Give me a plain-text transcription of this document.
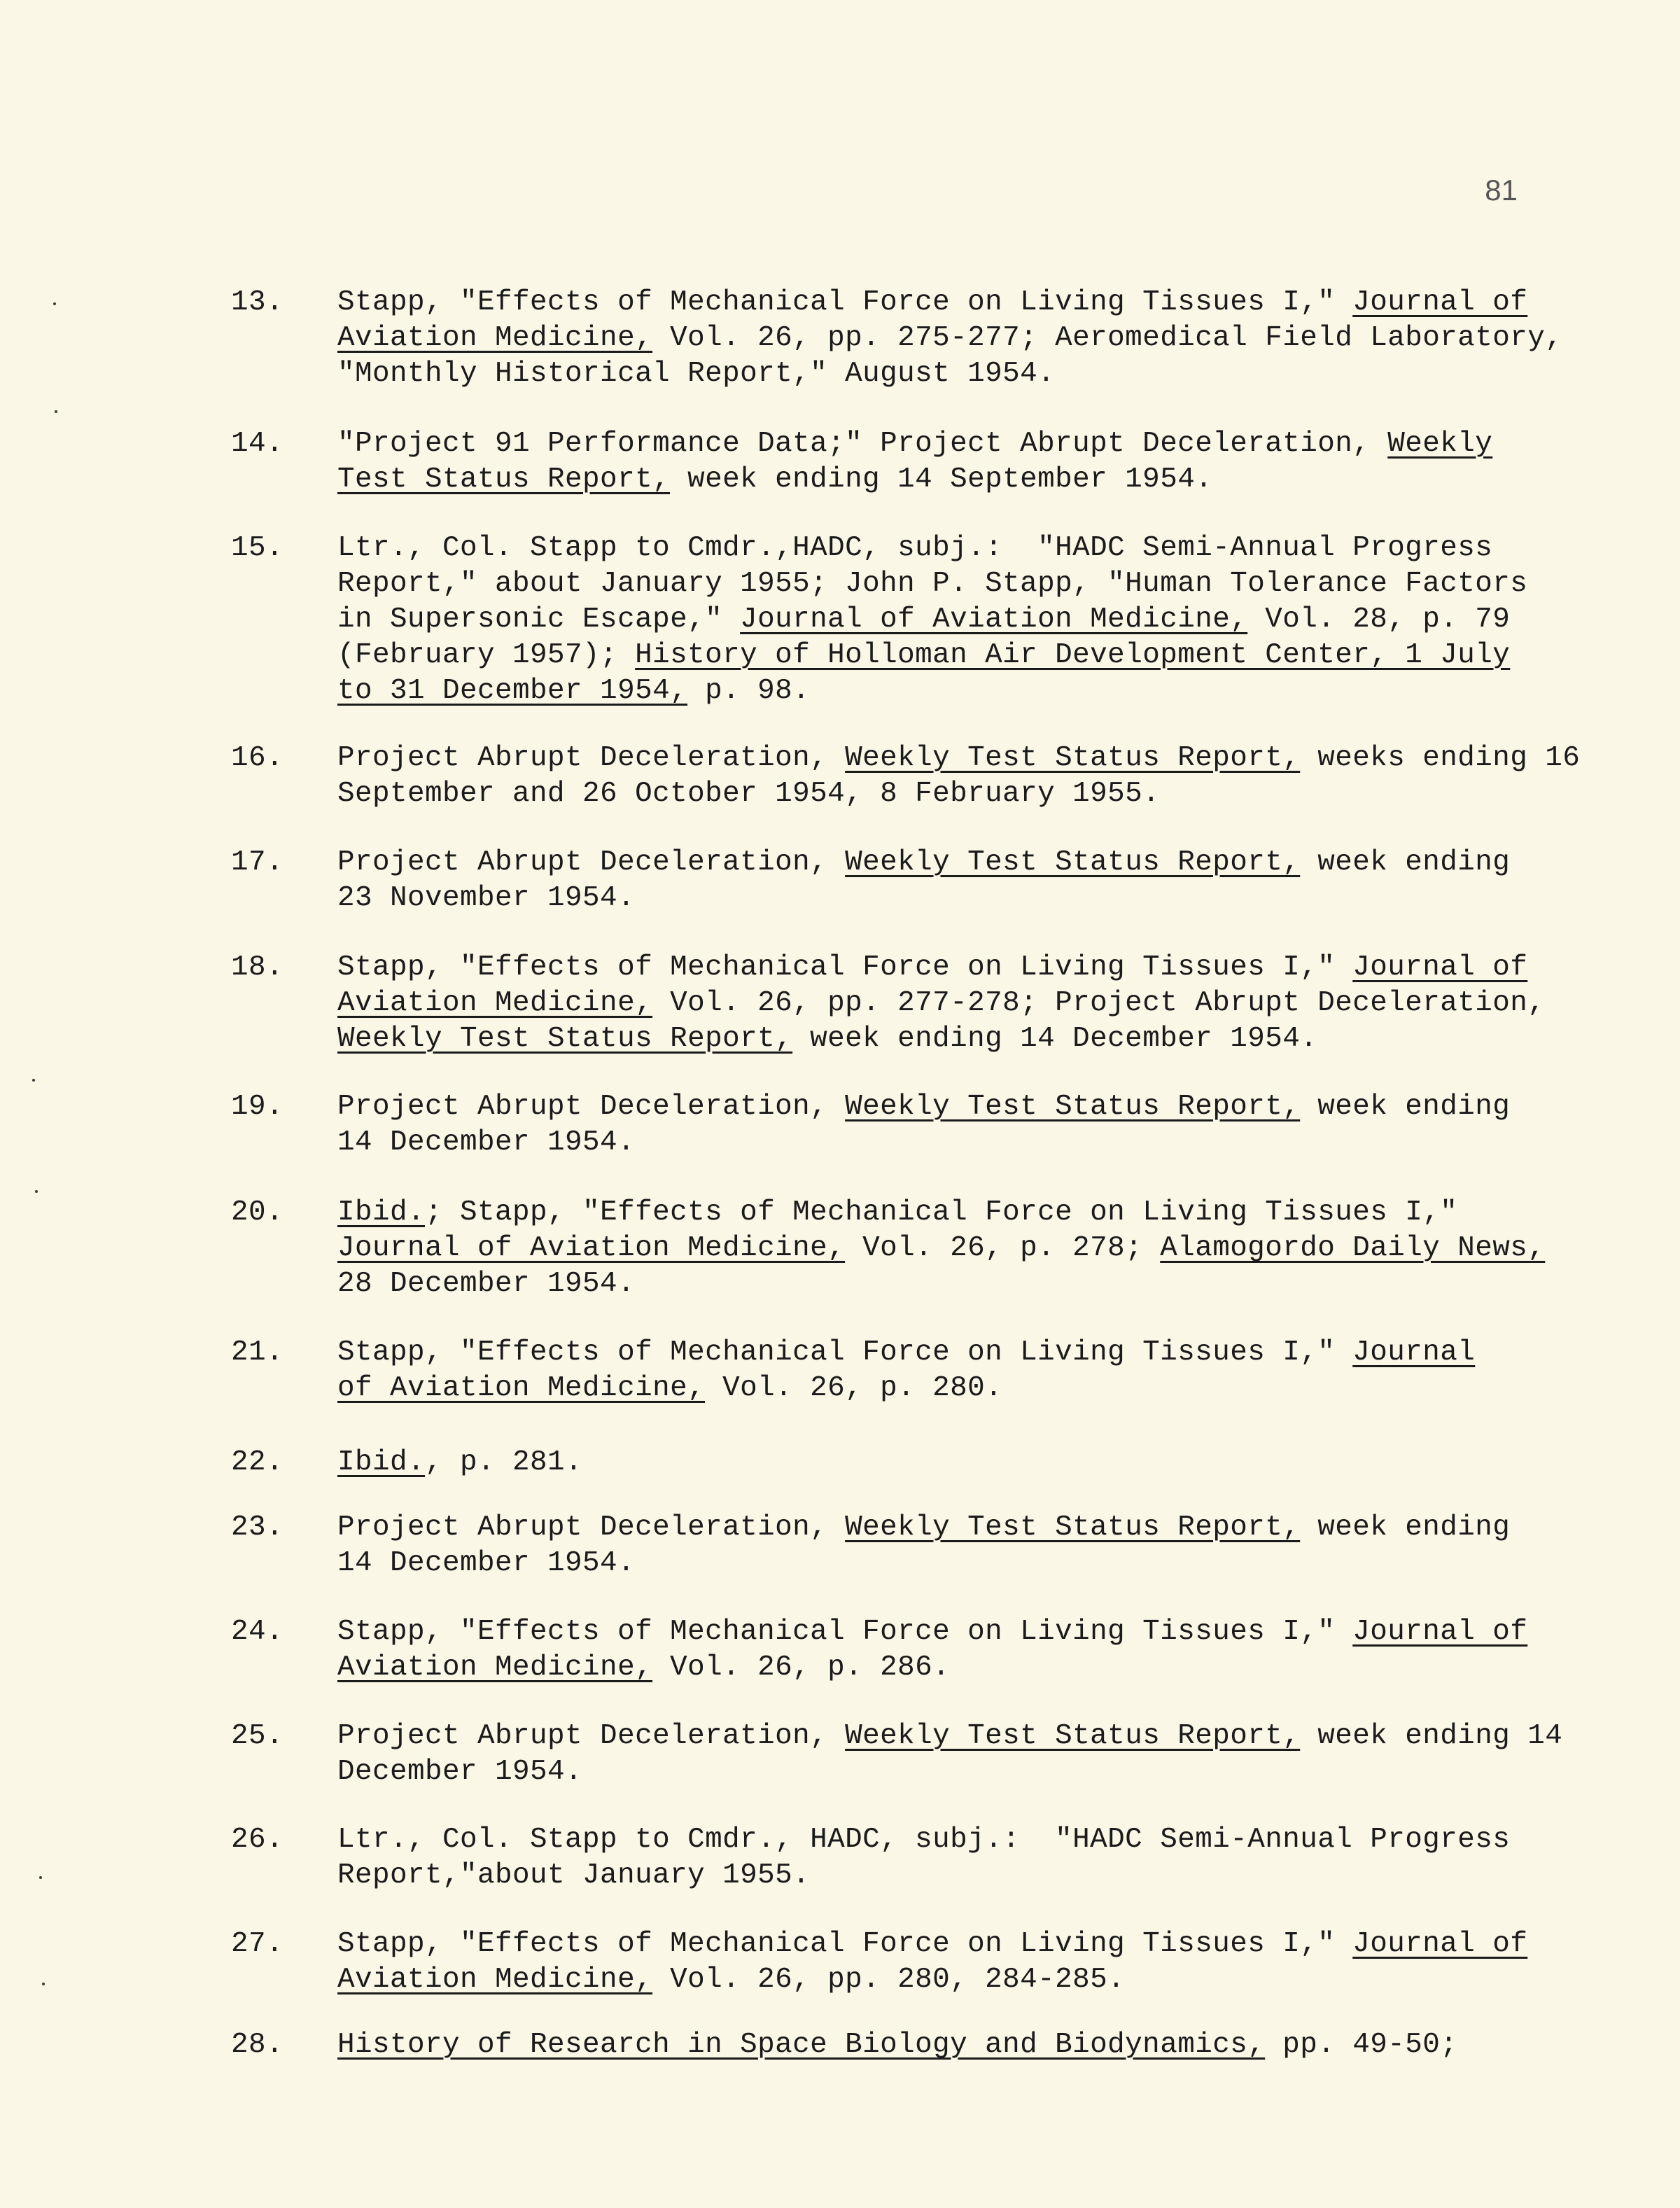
81
13.	Stapp, "Effects of Mechanical Force on Living Tissues I," Journal of
Aviation Medicine, Vol. 26, pp. 275-277; Aeromedical Field Laboratory,
"Monthly Historical Report," August 1954.
14.	"Project 91 Performance Data;" Project Abrupt Deceleration, Weekly
Test Status Report, week ending 14 September 1954.
15.	Ltr., Col. Stapp to Cmdr.,HADC, subj.:  "HADC Semi-Annual Progress
Report," about January 1955; John P. Stapp, "Human Tolerance Factors
in Supersonic Escape," Journal of Aviation Medicine, Vol. 28, p. 79
(February 1957); History of Holloman Air Development Center, 1 July
to 31 December 1954, p. 98.
16.	Project Abrupt Deceleration, Weekly Test Status Report, weeks ending 16
September and 26 October 1954, 8 February 1955.
17.	Project Abrupt Deceleration, Weekly Test Status Report, week ending
23 November 1954.
18.	Stapp, "Effects of Mechanical Force on Living Tissues I," Journal of
Aviation Medicine, Vol. 26, pp. 277-278; Project Abrupt Deceleration,
Weekly Test Status Report, week ending 14 December 1954.
19.	Project Abrupt Deceleration, Weekly Test Status Report, week ending
14 December 1954.
20.	Ibid.; Stapp, "Effects of Mechanical Force on Living Tissues I,"
Journal of Aviation Medicine, Vol. 26, p. 278; Alamogordo Daily News,
28 December 1954.
21.	Stapp, "Effects of Mechanical Force on Living Tissues I," Journal
of Aviation Medicine, Vol. 26, p. 280.
22.	Ibid., p. 281.
23.	Project Abrupt Deceleration, Weekly Test Status Report, week ending
14 December 1954.
24.	Stapp, "Effects of Mechanical Force on Living Tissues I," Journal of
Aviation Medicine, Vol. 26, p. 286.
25.	Project Abrupt Deceleration, Weekly Test Status Report, week ending 14
December 1954.
26.	Ltr., Col. Stapp to Cmdr., HADC, subj.:  "HADC Semi-Annual Progress
Report,"about January 1955.
27.	Stapp, "Effects of Mechanical Force on Living Tissues I," Journal of
Aviation Medicine, Vol. 26, pp. 280, 284-285.
28.	History of Research in Space Biology and Biodynamics, pp. 49-50;
